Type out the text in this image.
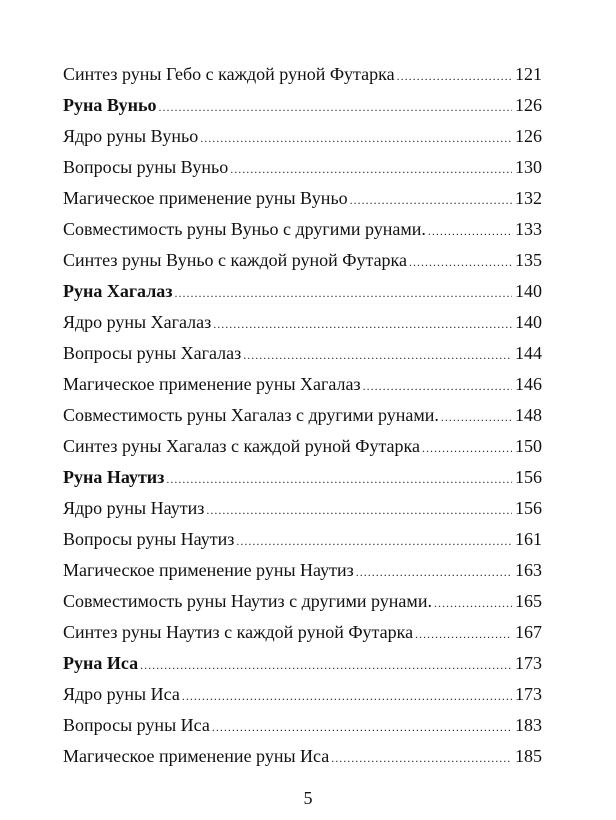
Синтез руны Гебо с каждой руной Футарка .....	121
Руна Вуньо .....	126
Ядро руны Вуньо .....	126
Вопросы руны Вуньо .....	130
Магическое применение руны Вуньо .....	132
Совместимость руны Вуньо с другими рунами. .....	133
Синтез руны Вуньо с каждой руной Футарка .....	135
Руна Хагалаз .....	140
Ядро руны Хагалаз .....	140
Вопросы руны Хагалаз .....	144
Магическое применение руны Хагалаз .....	146
Совместимость руны Хагалаз с другими рунами. .....	148
Синтез руны Хагалаз с каждой руной Футарка .....	150
Руна Наутиз .....	156
Ядро руны Наутиз .....	156
Вопросы руны Наутиз .....	161
Магическое применение руны Наутиз .....	163
Совместимость руны Наутиз с другими рунами. .....	165
Синтез руны Наутиз с каждой руной Футарка .....	167
Руна Иса .....	173
Ядро руны Иса .....	173
Вопросы руны Иса .....	183
Магическое применение руны Иса .....	185
5
